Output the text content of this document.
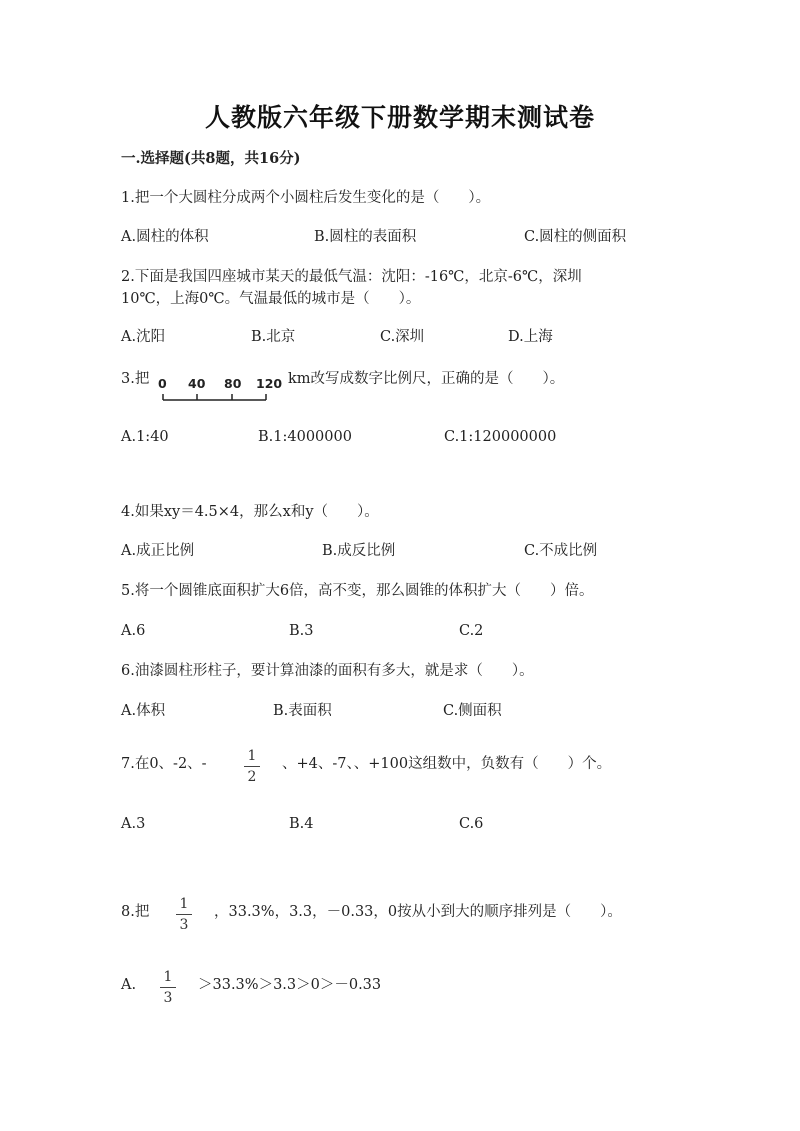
人教版六年级下册数学期末测试卷
一.选择题(共8题，共16分)
1.把一个大圆柱分成两个小圆柱后发生变化的是（　　）。
A.圆柱的体积	B.圆柱的表面积	C.圆柱的侧面积
2.下面是我国四座城市某天的最低气温：沈阳：-16℃，北京-6℃，深圳
10℃，上海0℃。气温最低的城市是（　　）。
A.沈阳	B.北京	C.深圳	D.上海
3.把 0 40 80 120 km改写成数字比例尺，正确的是（　　）。
A.1:40	B.1:4000000	C.1:120000000
4.如果xy＝4.5×4，那么x和y（　　）。
A.成正比例	B.成反比例	C.不成比例
5.将一个圆锥底面积扩大6倍，高不变，那么圆锥的体积扩大（　　）倍。
A.6	B.3	C.2
6.油漆圆柱形柱子，要计算油漆的面积有多大，就是求（　　）。
A.体积	B.表面积	C.侧面积
7.在0、-2、-	1
2
、+4、-7、、+100这组数中，负数有（　　）个。
A.3	B.4	C.6
8.把 1
3
，33.3%，3.3，－0.33，0按从小到大的顺序排列是（　　）。
A. 1
3
＞33.3%＞3.3＞0＞－0.33
